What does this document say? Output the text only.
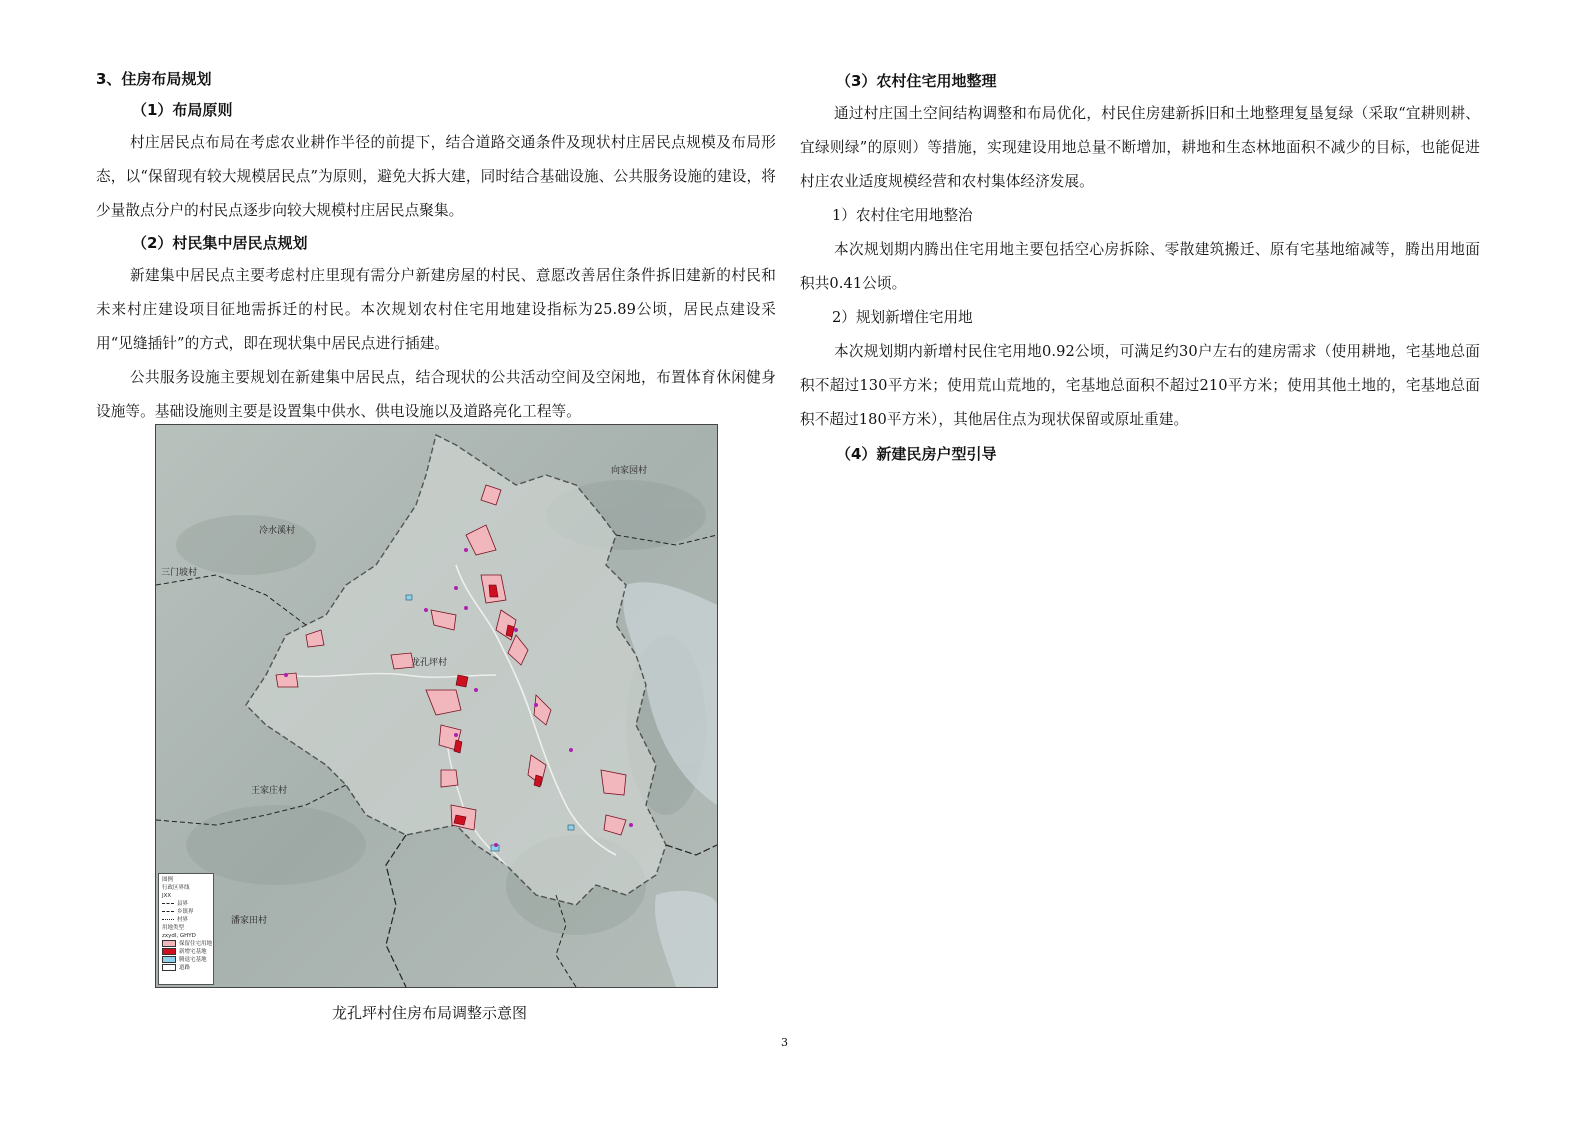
3、住房布局规划
（1）布局原则

村庄居民点布局在考虑农业耕作半径的前提下，结合道路交通条件及现状村庄居民点规模及布局形态，以“保留现有较大规模居民点”为原则，避免大拆大建，同时结合基础设施、公共服务设施的建设，将少量散点分户的村民点逐步向较大规模村庄居民点聚集。

（2）村民集中居民点规划

新建集中居民点主要考虑村庄里现有需分户新建房屋的村民、意愿改善居住条件拆旧建新的村民和未来村庄建设项目征地需拆迁的村民。本次规划农村住宅用地建设指标为25.89公顷，居民点建设采用“见缝插针”的方式，即在现状集中居民点进行插建。

公共服务设施主要规划在新建集中居民点，结合现状的公共活动空间及空闲地，布置体育休闲健身设施等。基础设施则主要是设置集中供水、供电设施以及道路亮化工程等。

向家园村
冷水溪村
三门坡村
龙孔坪村
王家庄村
潘家田村
图例
行政区界线
JXX
县界
乡镇界
村界
用地类型
zxydl, GHYD
保留住宅用地
新增宅基地
腾退宅基地
道路
龙孔坪村住房布局调整示意图
（3）农村住宅用地整理

通过村庄国土空间结构调整和布局优化，村民住房建新拆旧和土地整理复垦复绿（采取“宜耕则耕、宜绿则绿”的原则）等措施，实现建设用地总量不断增加，耕地和生态林地面积不减少的目标，也能促进村庄农业适度规模经营和农村集体经济发展。

1）农村住宅用地整治

本次规划期内腾出住宅用地主要包括空心房拆除、零散建筑搬迁、原有宅基地缩减等，腾出用地面积共0.41公顷。

2）规划新增住宅用地

本次规划期内新增村民住宅用地0.92公顷，可满足约30户左右的建房需求（使用耕地，宅基地总面积不超过130平方米；使用荒山荒地的，宅基地总面积不超过210平方米；使用其他土地的，宅基地总面积不超过180平方米），其他居住点为现状保留或原址重建。

（4）新建民房户型引导
3
